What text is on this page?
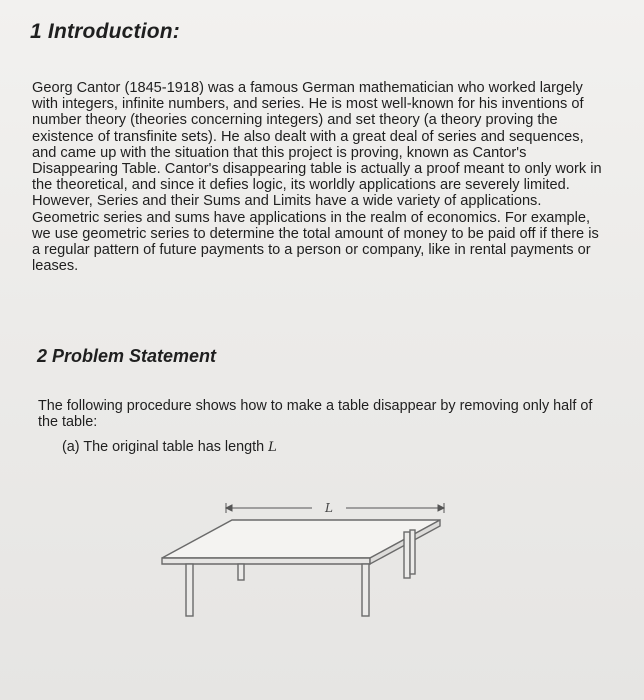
1 Introduction:
Georg Cantor (1845-1918) was a famous German mathematician who worked largely with integers, infinite numbers, and series. He is most well-known for his inventions of number theory (theories concerning integers) and set theory (a theory proving the existence of transfinite sets). He also dealt with a great deal of series and sequences, and came up with the situation that this project is proving, known as Cantor's Disappearing Table. Cantor's disappearing table is actually a proof meant to only work in the theoretical, and since it defies logic, its worldly applications are severely limited. However, Series and their Sums and Limits have a wide variety of applications. Geometric series and sums have applications in the realm of economics. For example, we use geometric series to determine the total amount of money to be paid off if there is a regular pattern of future payments to a person or company, like in rental payments or leases.
2 Problem Statement
The following procedure shows how to make a table disappear by removing only half of the table:
(a) The original table has length L
L
